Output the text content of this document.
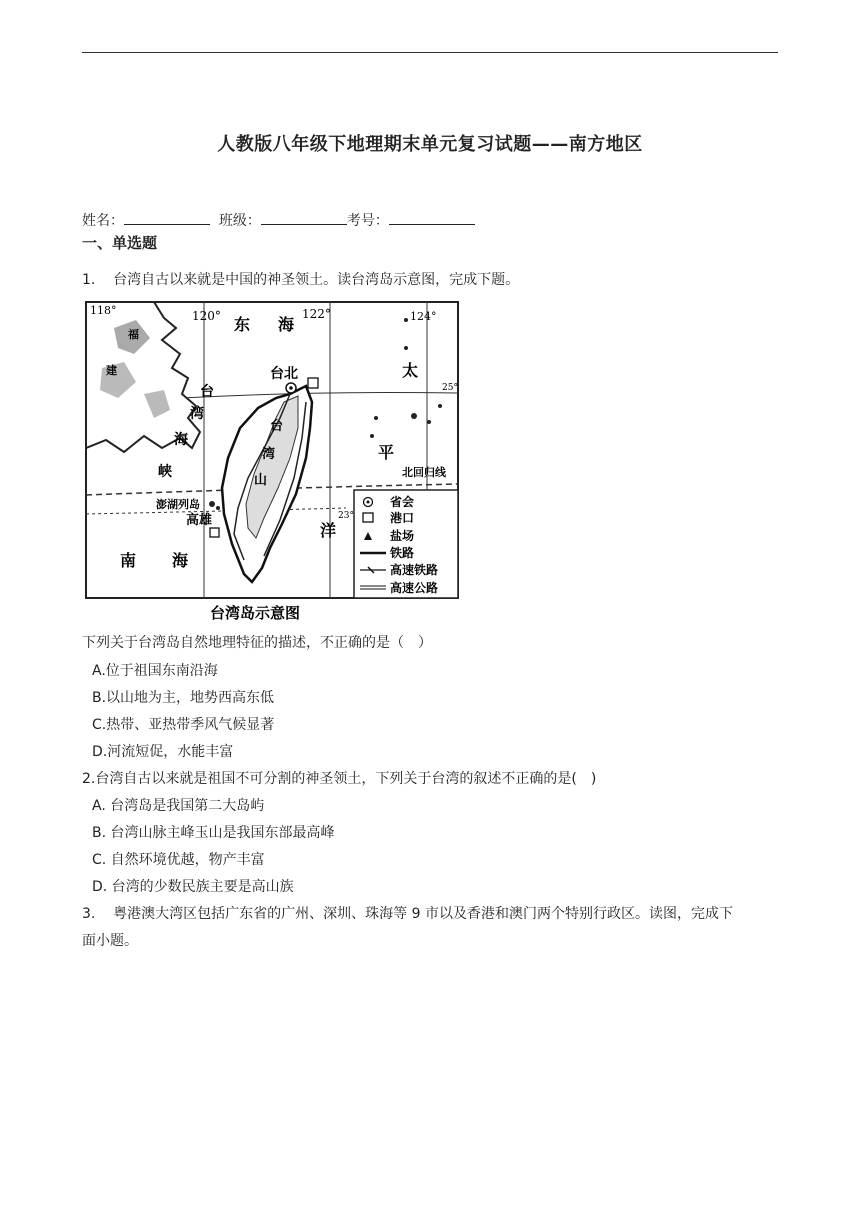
人教版八年级下地理期末单元复习试题——南方地区
姓名：	班级：	考号：
一、单选题
1. 台湾自古以来就是中国的神圣领土。读台湾岛示意图，完成下题。
118°	120°	122°	124°
25°
23°
东 海
太
平
洋
台
湾
海
峡
台
湾
山
南 海
福
建	台北
高雄
澎湖列岛
北回归线
省会
港口
盐场
铁路
高速铁路
高速公路
台湾岛示意图
下列关于台湾岛自然地理特征的描述，不正确的是（　）
A.位于祖国东南沿海
B.以山地为主，地势西高东低
C.热带、亚热带季风气候显著
D.河流短促，水能丰富
2.台湾自古以来就是祖国不可分割的神圣领土，下列关于台湾的叙述不正确的是(　)
A. 台湾岛是我国第二大岛屿
B. 台湾山脉主峰玉山是我国东部最高峰
C. 自然环境优越，物产丰富
D. 台湾的少数民族主要是高山族
3. 粤港澳大湾区包括广东省的广州、深圳、珠海等 9 市以及香港和澳门两个特别行政区。读图，完成下
面小题。
